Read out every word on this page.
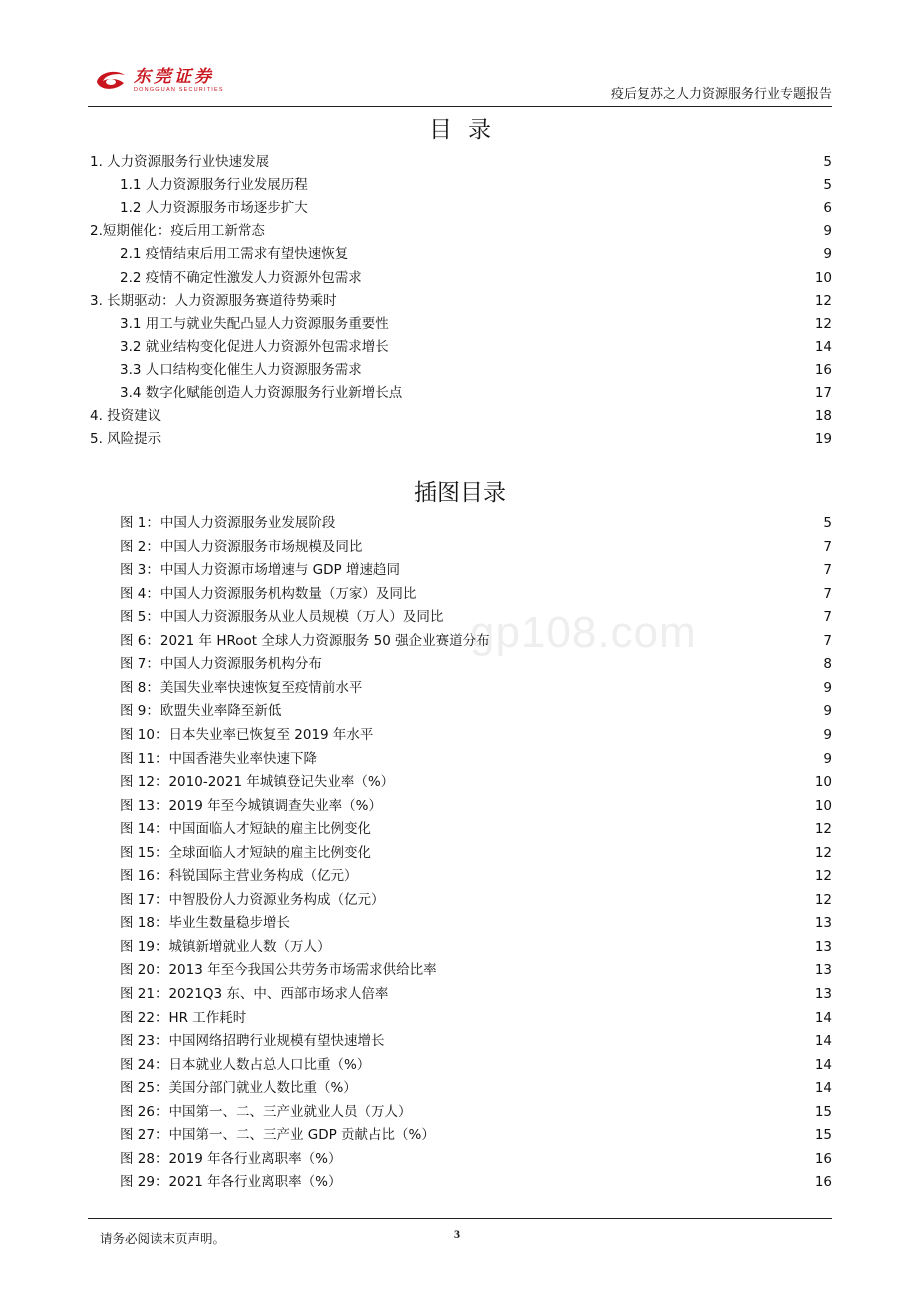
东莞证券
DONGGUAN SECURITIES	疫后复苏之人力资源服务行业专题报告
目录
1. 人力资源服务行业快速发展	5
1.1 人力资源服务行业发展历程	5
1.2 人力资源服务市场逐步扩大	6
2.短期催化：疫后用工新常态	9
2.1 疫情结束后用工需求有望快速恢复	9
2.2 疫情不确定性激发人力资源外包需求	10
3. 长期驱动：人力资源服务赛道待势乘时	12
3.1 用工与就业失配凸显人力资源服务重要性	12
3.2 就业结构变化促进人力资源外包需求增长	14
3.3 人口结构变化催生人力资源服务需求	16
3.4 数字化赋能创造人力资源服务行业新增长点	17
4. 投资建议	18
5. 风险提示	19
插图目录
图 1：中国人力资源服务业发展阶段	5
图 2：中国人力资源服务市场规模及同比	7
图 3：中国人力资源市场增速与 GDP 增速趋同	7
图 4：中国人力资源服务机构数量（万家）及同比	7
图 5：中国人力资源服务从业人员规模（万人）及同比	7
图 6：2021 年 HRoot 全球人力资源服务 50 强企业赛道分布	7
图 7：中国人力资源服务机构分布	8
图 8：美国失业率快速恢复至疫情前水平	9
图 9：欧盟失业率降至新低	9
图 10：日本失业率已恢复至 2019 年水平	9
图 11：中国香港失业率快速下降	9
图 12：2010-2021 年城镇登记失业率（%）	10
图 13：2019 年至今城镇调查失业率（%）	10
图 14：中国面临人才短缺的雇主比例变化	12
图 15：全球面临人才短缺的雇主比例变化	12
图 16：科锐国际主营业务构成（亿元）	12
图 17：中智股份人力资源业务构成（亿元）	12
图 18：毕业生数量稳步增长	13
图 19：城镇新增就业人数（万人）	13
图 20：2013 年至今我国公共劳务市场需求供给比率	13
图 21：2021Q3 东、中、西部市场求人倍率	13
图 22：HR 工作耗时	14
图 23：中国网络招聘行业规模有望快速增长	14
图 24：日本就业人数占总人口比重（%）	14
图 25：美国分部门就业人数比重（%）	14
图 26：中国第一、二、三产业就业人员（万人）	15
图 27：中国第一、二、三产业 GDP 贡献占比（%）	15
图 28：2019 年各行业离职率（%）	16
图 29：2021 年各行业离职率（%）	16
请务必阅读末页声明。	3
